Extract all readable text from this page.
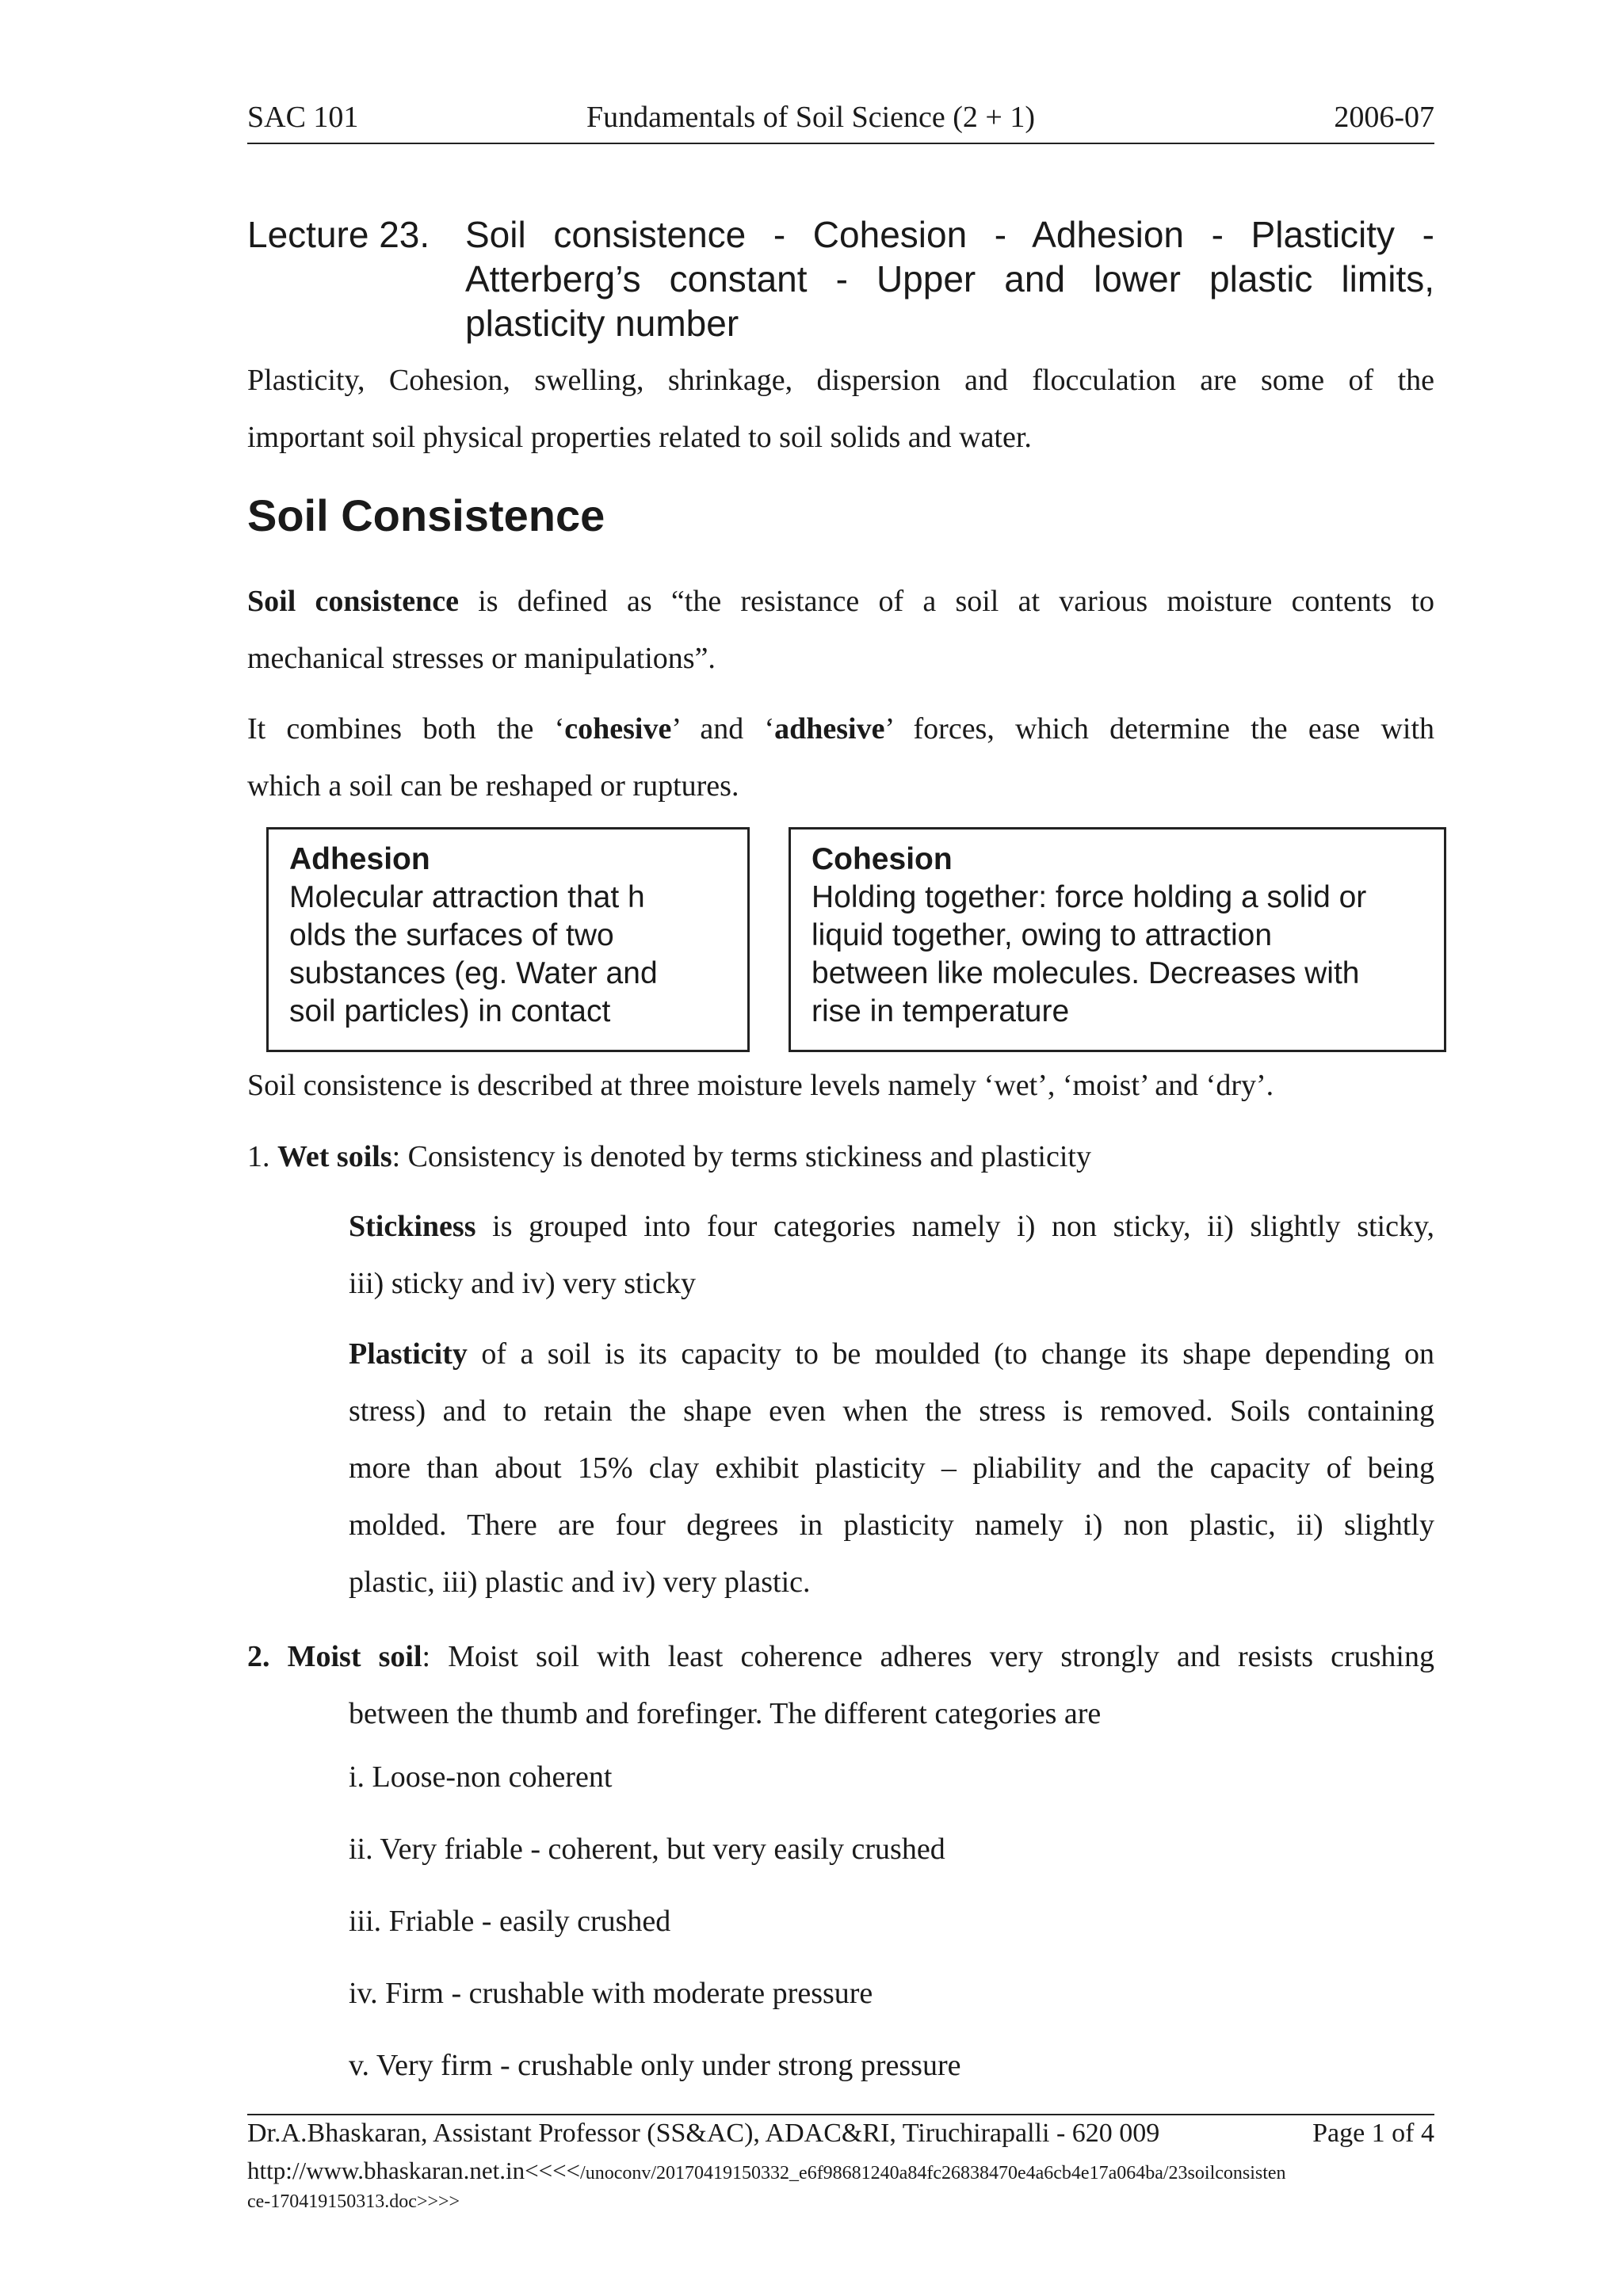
SAC 101	Fundamentals of Soil Science (2 + 1)	2006-07
Lecture 23. Soil consistence - Cohesion - Adhesion - Plasticity -
Atterberg’s constant - Upper and lower plastic limits,
plasticity number
Plasticity, Cohesion, swelling, shrinkage, dispersion and flocculation are some of the
important soil physical properties related to soil solids and water.
Soil Consistence
Soil consistence is defined as “the resistance of a soil at various moisture contents to
mechanical stresses or manipulations”.
It combines both the ‘cohesive’ and ‘adhesive’ forces, which determine the ease with
which a soil can be reshaped or ruptures.
Adhesion
Molecular attraction that h
olds the surfaces of two
substances (eg. Water and
soil particles) in contact
Cohesion
Holding together: force holding a solid or
liquid together, owing to attraction
between like molecules. Decreases with
rise in temperature
Soil consistence is described at three moisture levels namely ‘wet’, ‘moist’ and ‘dry’.
1. Wet soils: Consistency is denoted by terms stickiness and plasticity
Stickiness is grouped into four categories namely i) non sticky, ii) slightly sticky,
iii) sticky and iv) very sticky
Plasticity of a soil is its capacity to be moulded (to change its shape depending on
stress) and to retain the shape even when the stress is removed. Soils containing
more than about 15% clay exhibit plasticity – pliability and the capacity of being
molded. There are four degrees in plasticity namely i) non plastic, ii) slightly
plastic, iii) plastic and iv) very plastic.
2. Moist soil: Moist soil with least coherence adheres very strongly and resists crushing
between the thumb and forefinger. The different categories are
i. Loose-non coherent
ii. Very friable - coherent, but very easily crushed
iii. Friable - easily crushed
iv. Firm - crushable with moderate pressure
v. Very firm - crushable only under strong pressure
Dr.A.Bhaskaran, Assistant Professor (SS&AC), ADAC&RI, Tiruchirapalli - 620 009	Page 1 of 4
http://www.bhaskaran.net.in<<<</unoconv/20170419150332_e6f98681240a84fc26838470e4a6cb4e17a064ba/23soilconsisten
ce-170419150313.doc>>>>
